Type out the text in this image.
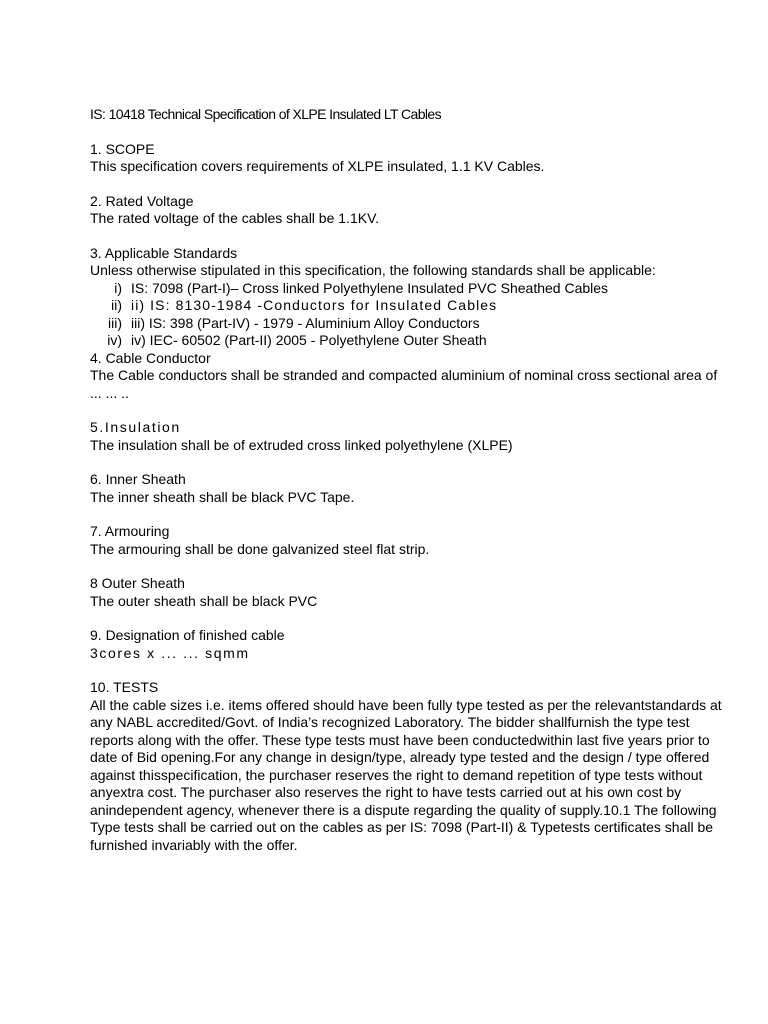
IS: 10418 Technical Specification of XLPE Insulated LT Cables
1. SCOPE
This specification covers requirements of XLPE insulated, 1.1 KV Cables.
2. Rated Voltage
The rated voltage of the cables shall be 1.1KV.
3. Applicable Standards
Unless otherwise stipulated in this specification, the following standards shall be applicable:
i) IS: 7098 (Part-I)– Cross linked Polyethylene Insulated PVC Sheathed Cables
ii) ii) IS: 8130-1984 -Conductors for Insulated Cables
iii) iii) IS: 398 (Part-IV) - 1979 - Aluminium Alloy Conductors
iv) iv) IEC- 60502 (Part-II) 2005 - Polyethylene Outer Sheath
4. Cable Conductor
The Cable conductors shall be stranded and compacted aluminium of nominal cross sectional area of ... ... ..
5.Insulation
The insulation shall be of extruded cross linked polyethylene (XLPE)
6. Inner Sheath
The inner sheath shall be black PVC Tape.
7. Armouring
The armouring shall be done galvanized steel flat strip.
8 Outer Sheath
The outer sheath shall be black PVC
9. Designation of finished cable
3cores x ... ... sqmm
10. TESTS
All the cable sizes i.e. items offered should have been fully type tested as per the relevantstandards at any NABL accredited/Govt. of India’s recognized Laboratory. The bidder shallfurnish the type test reports along with the offer. These type tests must have been conductedwithin last five years prior to date of Bid opening.For any change in design/type, already type tested and the design / type offered against thisspecification, the purchaser reserves the right to demand repetition of type tests without anyextra cost. The purchaser also reserves the right to have tests carried out at his own cost by anindependent agency, whenever there is a dispute regarding the quality of supply.10.1 The following Type tests shall be carried out on the cables as per IS: 7098 (Part-II) & Typetests certificates shall be furnished invariably with the offer.
